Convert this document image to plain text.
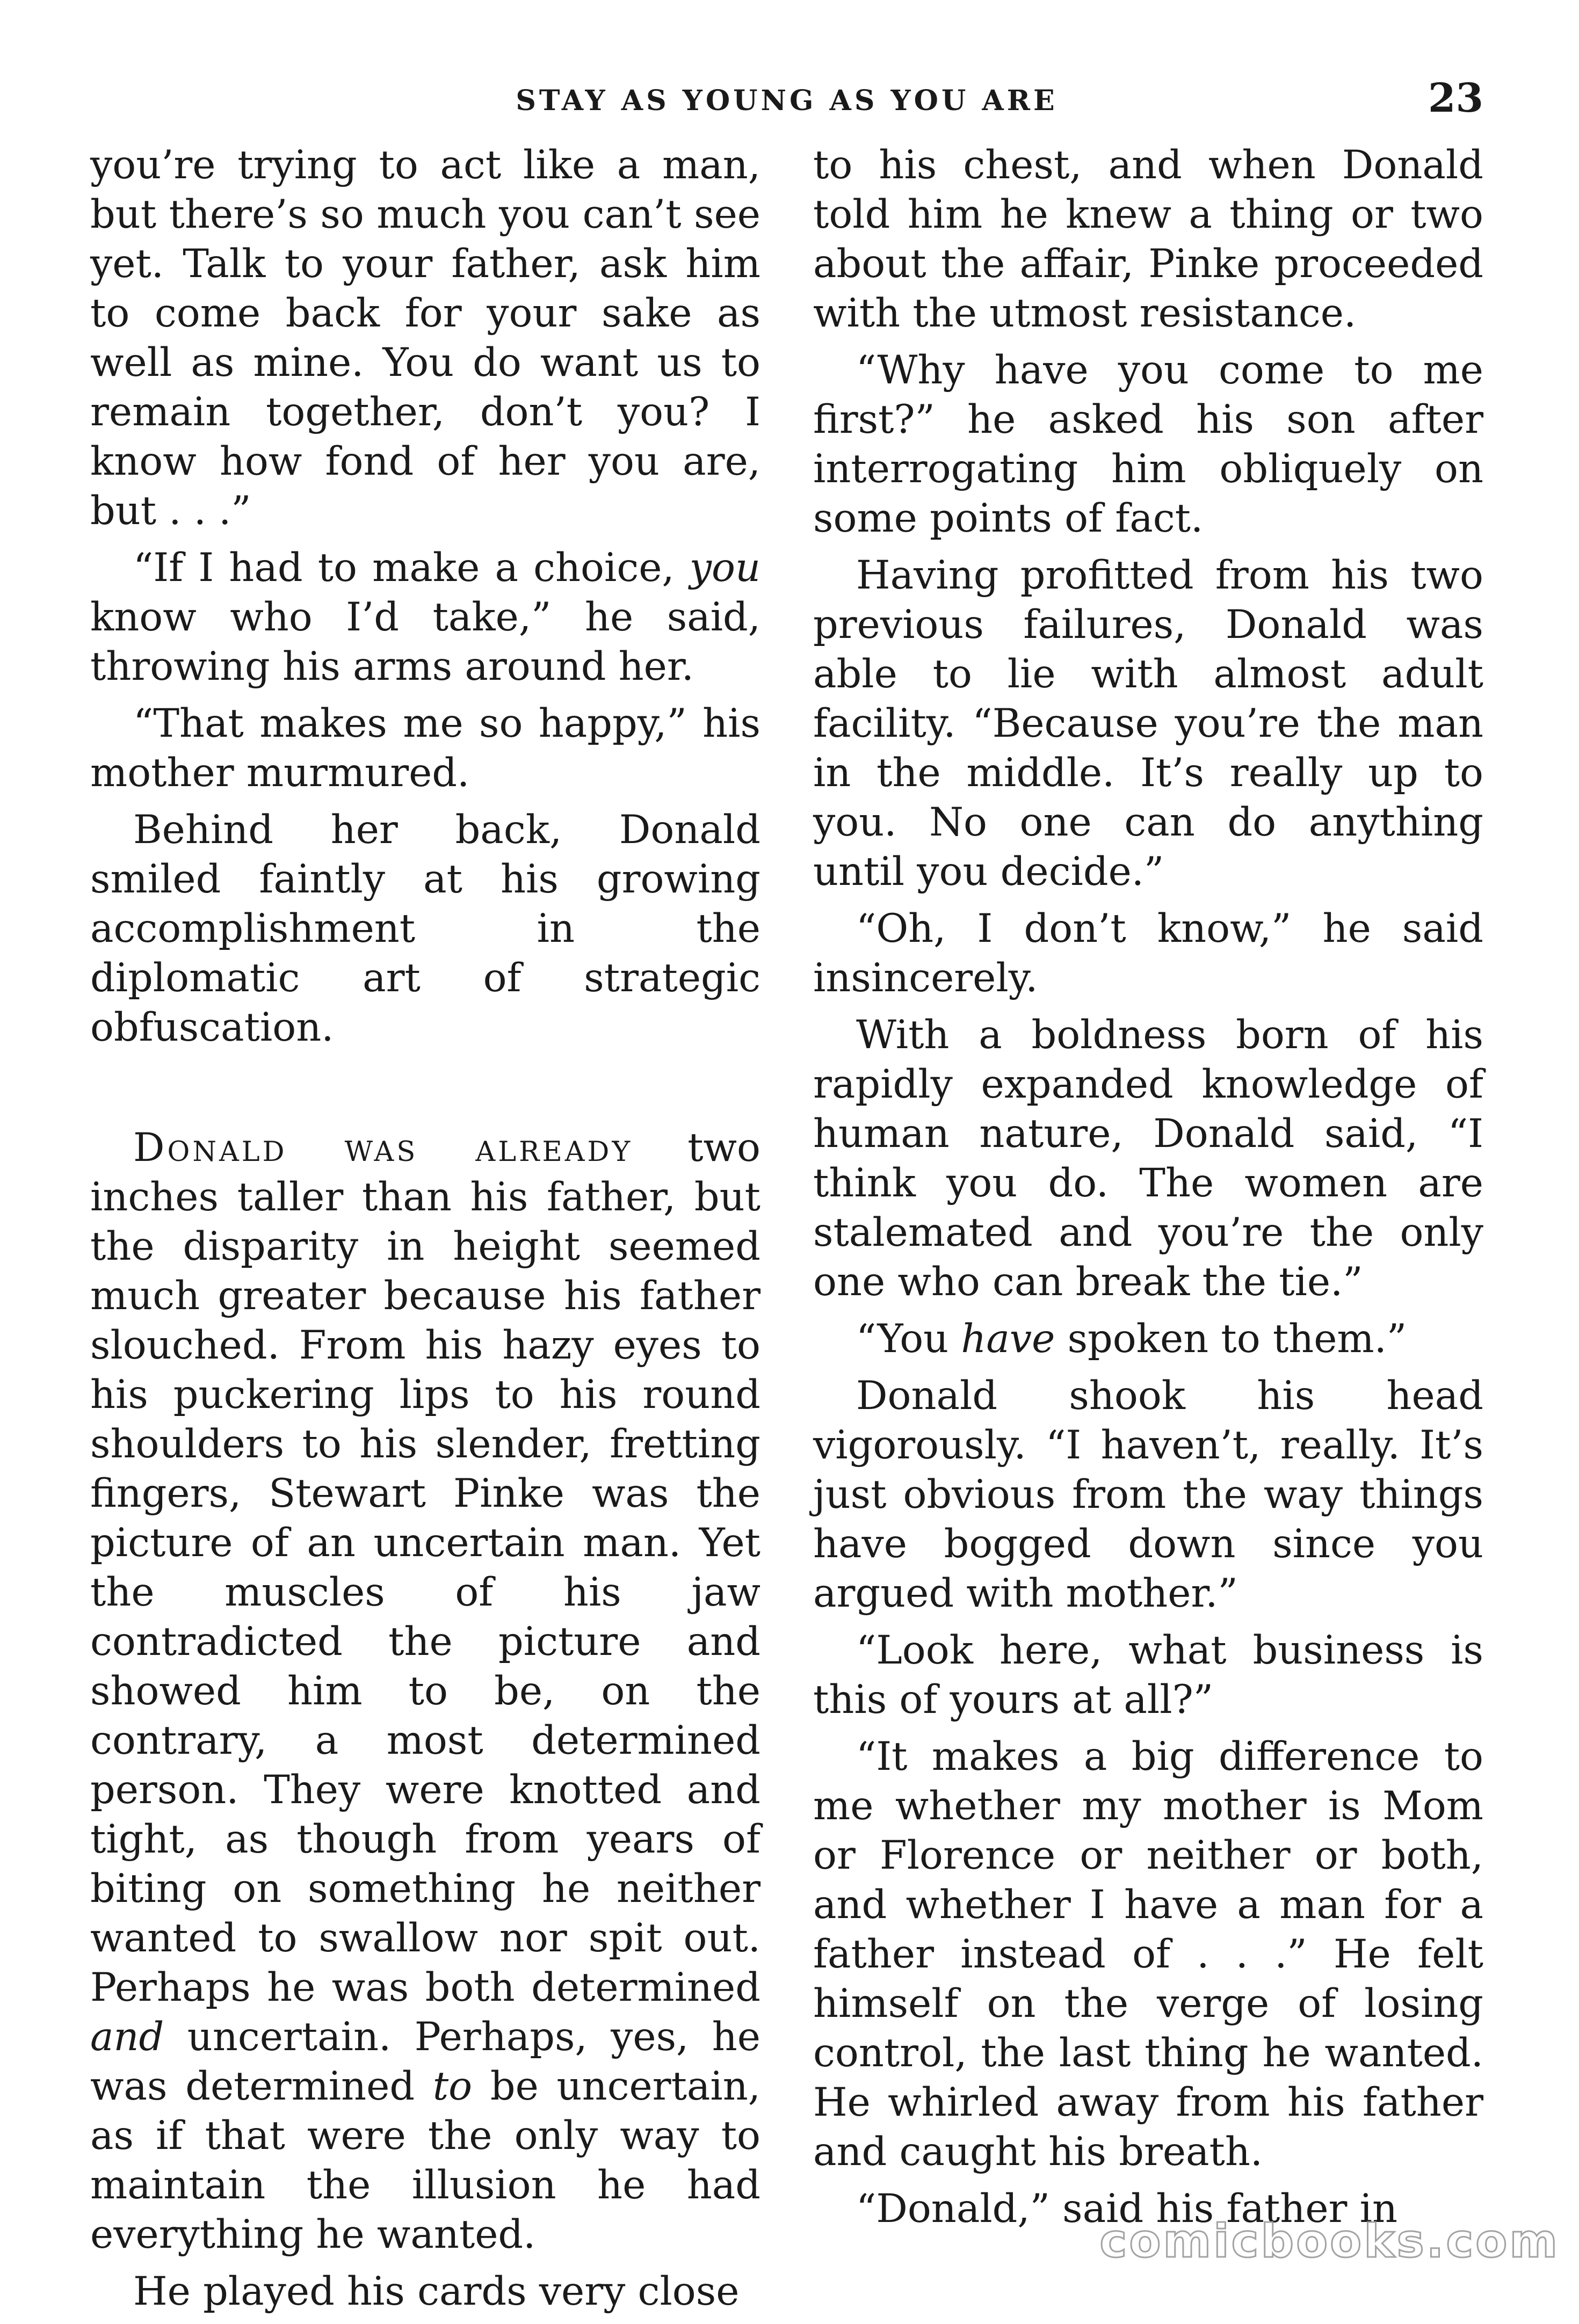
STAY AS YOUNG AS YOU ARE	23

you’re trying to act like a man, but there’s so much you can’t see yet. Talk to your father, ask him to come back for your sake as well as mine. You do want us to remain together, don’t you? I know how fond of her you are, but . . .”

“If I had to make a choice, you know who I’d take,” he said, throwing his arms around her.

“That makes me so happy,” his mother murmured.

Behind her back, Donald smiled faintly at his growing accomplishment in the diplomatic art of strategic obfuscation.

Donald was already two inches taller than his father, but the disparity in height seemed much greater because his father slouched. From his hazy eyes to his puckering lips to his round shoulders to his slender, fretting fingers, Stewart Pinke was the picture of an uncertain man. Yet the muscles of his jaw contradicted the picture and showed him to be, on the contrary, a most determined person. They were knotted and tight, as though from years of biting on something he neither wanted to swallow nor spit out. Perhaps he was both determined and uncertain. Perhaps, yes, he was determined to be uncertain, as if that were the only way to maintain the illusion he had everything he wanted.

He played his cards very close

to his chest, and when Donald told him he knew a thing or two about the affair, Pinke proceeded with the utmost resistance.

“Why have you come to me first?” he asked his son after interrogating him obliquely on some points of fact.

Having profitted from his two previous failures, Donald was able to lie with almost adult facility. “Because you’re the man in the middle. It’s really up to you. No one can do anything until you decide.”

“Oh, I don’t know,” he said insincerely.

With a boldness born of his rapidly expanded knowledge of human nature, Donald said, “I think you do. The women are stalemated and you’re the only one who can break the tie.”

“You have spoken to them.”

Donald shook his head vigorously. “I haven’t, really. It’s just obvious from the way things have bogged down since you argued with mother.”

“Look here, what business is this of yours at all?”

“It makes a big difference to me whether my mother is Mom or Florence or neither or both, and whether I have a man for a father instead of . . .” He felt himself on the verge of losing control, the last thing he wanted. He whirled away from his father and caught his breath.

“Donald,” said his father in

comicbooks.com
